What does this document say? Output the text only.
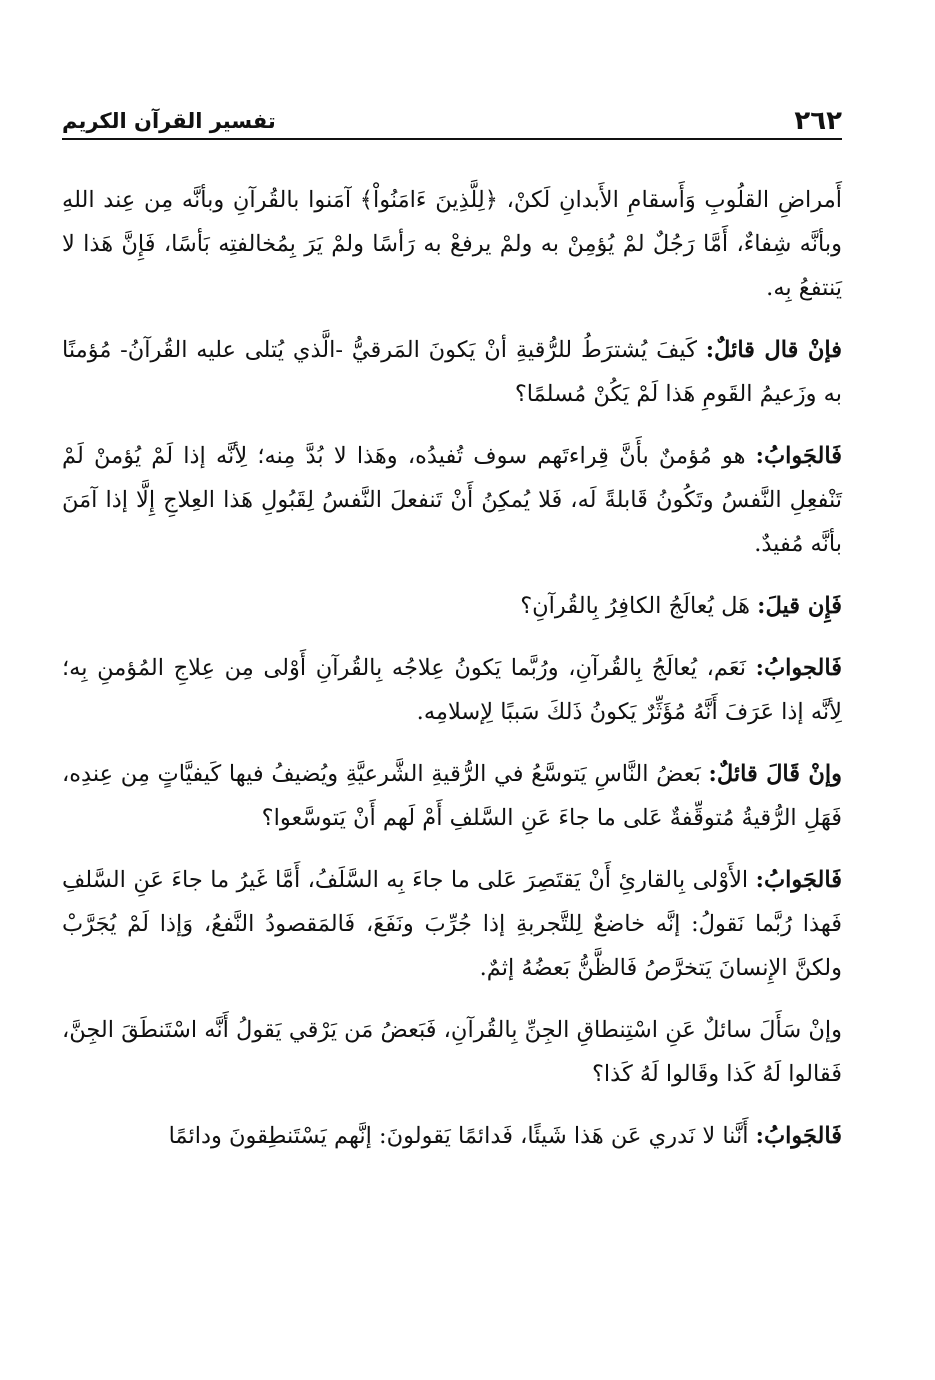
٢٦٢
تفسير القرآن الكريم

أَمراضِ القلُوبِ وَأَسقامِ الأَبدانِ لَكنْ، ﴿لِلَّذِينَ ءَامَنُواْ﴾ آمَنوا بالقُرآنِ وبأنَّه مِن عِند اللهِ وبأنَّه شِفاءٌ، أَمَّا رَجُلٌ لمْ يُؤمِنْ به ولمْ يرفعْ به رَأسًا ولمْ يَرَ بِمُخالفتِه بَأسًا، فَإِنَّ هَذا لا يَنتفعُ بِه.

فإنْ قال قائلٌ: كَيفَ يُشترَطُ للرُّقيةِ أنْ يَكونَ المَرقيُّ -الَّذي يُتلى عليه القُرآنُ- مُؤمنًا به وزَعيمُ القَومِ هَذا لَمْ يَكُنْ مُسلمًا؟

فَالجَوابُ: هو مُؤمنٌ بأَنَّ قِراءتَهم سوف تُفيدُه، وهَذا لا بُدَّ مِنه؛ لِأنَّه إذا لَمْ يُؤمنْ لَمْ تَنْفعِلِ النَّفسُ وتَكُونُ قَابلةً لَه، فَلا يُمكِنُ أَنْ تَنفعلَ النَّفسُ لِقَبُولِ هَذا العِلاجِ إِلَّا إذا آمَنَ بأنَّه مُفيدٌ.

فَإِن قيلَ: هَل يُعالَجُ الكافِرُ بِالقُرآنِ؟

فَالجوابُ: نَعَم، يُعالَجُ بِالقُرآنِ، ورُبَّما يَكونُ عِلاجُه بِالقُرآنِ أَوْلى مِن عِلاجِ المُؤمنِ بِه؛ لِأنَّه إذا عَرَفَ أَنَّهُ مُؤَثِّرٌ يَكونُ ذَلكَ سَببًا لِإسلامِه.

وإنْ قَالَ قائلٌ: بَعضُ النَّاسِ يَتوسَّعُ في الرُّقيةِ الشَّرعيَّةِ ويُضيفُ فيها كَيفيَّاتٍ مِن عِندِه، فَهَلِ الرُّقيةُ مُتوقِّفةٌ عَلى ما جاءَ عَنِ السَّلفِ أَمْ لَهم أَنْ يَتوسَّعوا؟

فَالجَوابُ: الأَوْلى بِالقارئِ أَنْ يَقتَصِرَ عَلى ما جاءَ بِه السَّلَفُ، أَمَّا غَيرُ ما جاءَ عَنِ السَّلفِ فَهذا رُبَّما نَقولُ: إنَّه خاضعٌ لِلتَّجربةِ إذا جُرِّبَ ونَفَعَ، فَالمَقصودُ النَّفعُ، وَإذا لَمْ يُجَرَّبْ ولكنَّ الإِنسانَ يَتخرَّصُ فَالظَّنُّ بَعضُهُ إثمٌ.

وإنْ سَأَلَ سائلٌ عَنِ اسْتِنطاقِ الجِنِّ بِالقُرآنِ، فَبَعضُ مَن يَرْقي يَقولُ أَنَّه اسْتَنطَقَ الجِنَّ، فَقالوا لَهُ كَذا وقَالوا لَهُ كَذا؟

فَالجَوابُ: أَنَّنا لا نَدري عَن هَذا شَيئًا، فَدائمًا يَقولونَ: إنَّهم يَسْتَنطِقونَ ودائمًا
